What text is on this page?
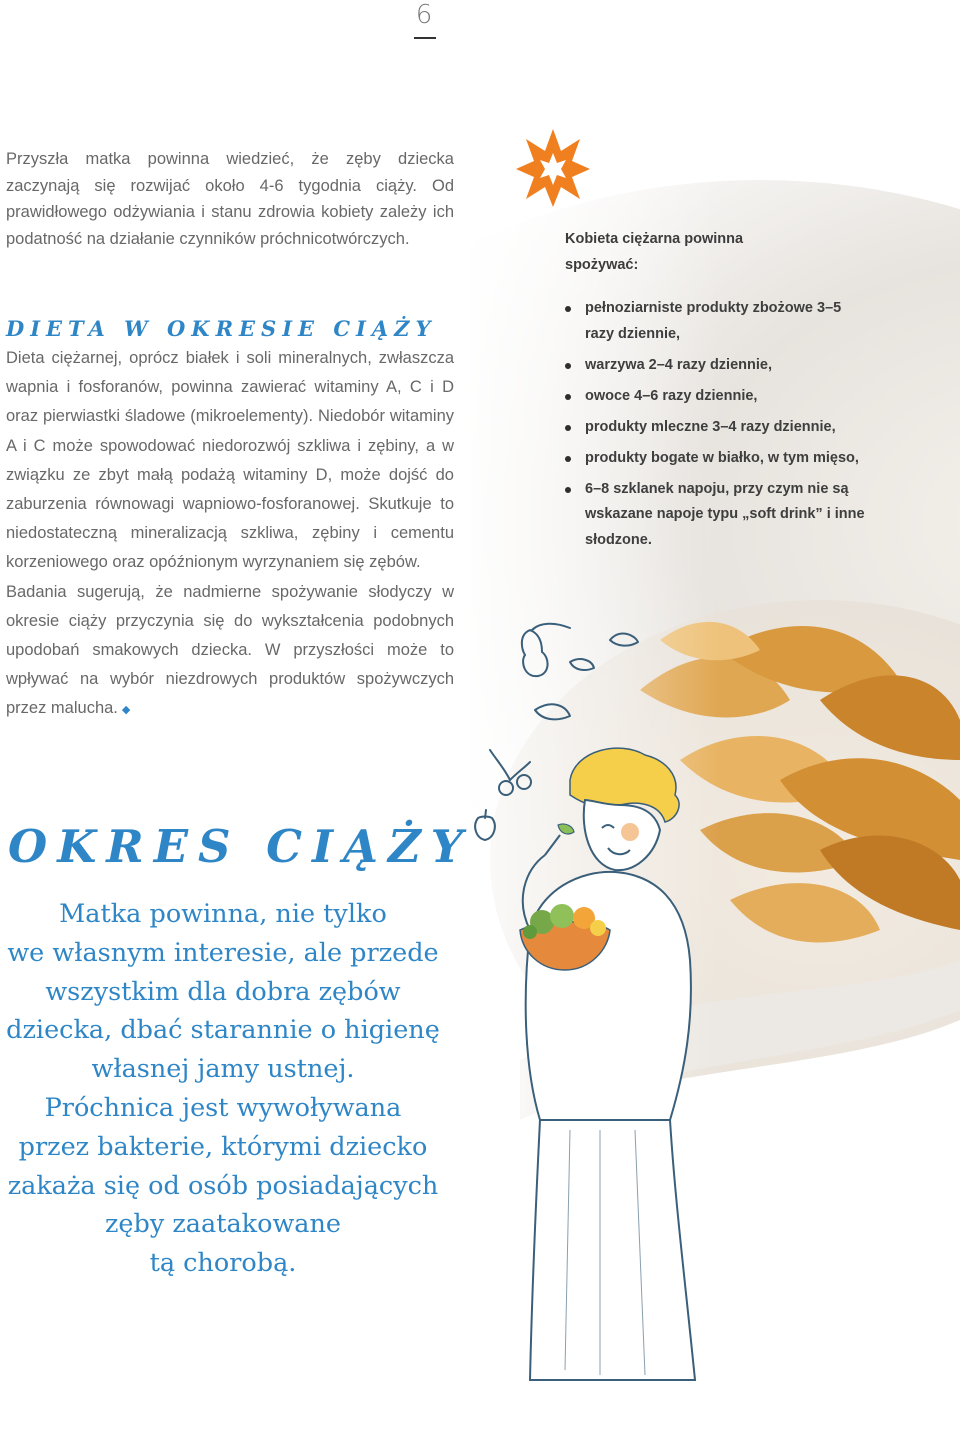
6

Przyszła matka powinna wiedzieć, że zęby dziecka zaczynają się rozwijać około 4-6 tygodnia ciąży. Od prawidłowego odżywiania i stanu zdrowia kobiety zależy ich podatność na działanie czynników próchnicotwórczych.

DIETA W OKRESIE CIĄŻY

Dieta ciężarnej, oprócz białek i soli mineralnych, zwłaszcza wapnia i fosforanów, powinna zawierać witaminy A, C i D oraz pierwiastki śladowe (mikroelementy). Niedobór witaminy A i C może spowodować niedorozwój szkliwa i zębiny, a w związku ze zbyt małą podażą witaminy D, może dojść do zaburzenia równowagi wapniowo-fosforanowej. Skutkuje to niedostateczną mineralizacją szkliwa, zębiny i cementu korzeniowego oraz opóźnionym wyrzynaniem się zębów.

Badania sugerują, że nadmierne spożywanie słodyczy w okresie ciąży przyczynia się do wykształcenia podobnych upodobań smakowych dziecka. W przyszłości może to wpływać na wybór niezdrowych produktów spożywczych przez malucha. ◆

OKRES CIĄŻY

Matka powinna, nie tylko

we własnym interesie, ale przede

wszystkim dla dobra zębów

dziecka, dbać starannie o higienę

własnej jamy ustnej.

Próchnica jest wywoływana

przez bakterie, którymi dziecko

zakaża się od osób posiadających

zęby zaatakowane

tą chorobą.

Kobieta ciężarna powinna spożywać:

pełnoziarniste produkty zbożowe 3–5 razy dziennie,
warzywa 2–4 razy dziennie,
owoce 4–6 razy dziennie,
produkty mleczne 3–4 razy dziennie,
produkty bogate w białko, w tym mięso,
6–8 szklanek napoju, przy czym nie są wskazane napoje typu „soft drink” i inne słodzone.
